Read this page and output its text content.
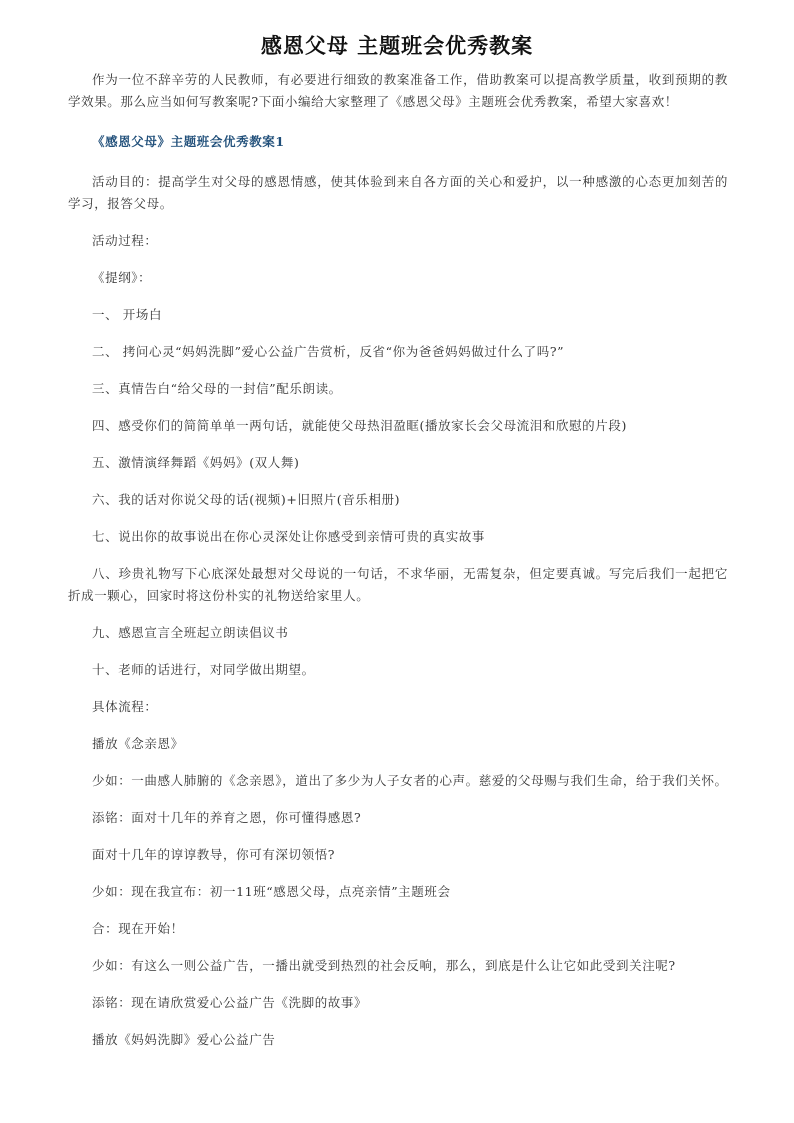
感恩父母 主题班会优秀教案

作为一位不辞辛劳的人民教师，有必要进行细致的教案准备工作，借助教案可以提高教学质量，收到预期的教学效果。那么应当如何写教案呢?下面小编给大家整理了《感恩父母》主题班会优秀教案，希望大家喜欢！

《感恩父母》主题班会优秀教案1

活动目的：提高学生对父母的感恩情感，使其体验到来自各方面的关心和爱护，以一种感激的心态更加刻苦的学习，报答父母。

活动过程：

《提纲》：

一、 开场白

二、 拷问心灵“妈妈洗脚”爱心公益广告赏析，反省“你为爸爸妈妈做过什么了吗?”

三、真情告白“给父母的一封信”配乐朗读。

四、感受你们的简简单单一两句话，就能使父母热泪盈眶(播放家长会父母流泪和欣慰的片段)

五、激情演绎舞蹈《妈妈》(双人舞)

六、我的话对你说父母的话(视频)+旧照片(音乐相册)

七、说出你的故事说出在你心灵深处让你感受到亲情可贵的真实故事

八、珍贵礼物写下心底深处最想对父母说的一句话，不求华丽，无需复杂，但定要真诚。写完后我们一起把它折成一颗心，回家时将这份朴实的礼物送给家里人。

九、感恩宣言全班起立朗读倡议书

十、老师的话进行，对同学做出期望。

具体流程：

播放《念亲恩》

少如：一曲感人肺腑的《念亲恩》，道出了多少为人子女者的心声。慈爱的父母赐与我们生命，给于我们关怀。

添铭：面对十几年的养育之恩，你可懂得感恩?

面对十几年的谆谆教导，你可有深切领悟?

少如：现在我宣布：初一11班“感恩父母，点亮亲情”主题班会

合：现在开始！

少如：有这么一则公益广告，一播出就受到热烈的社会反响，那么，到底是什么让它如此受到关注呢?

添铭：现在请欣赏爱心公益广告《洗脚的故事》

播放《妈妈洗脚》爱心公益广告
